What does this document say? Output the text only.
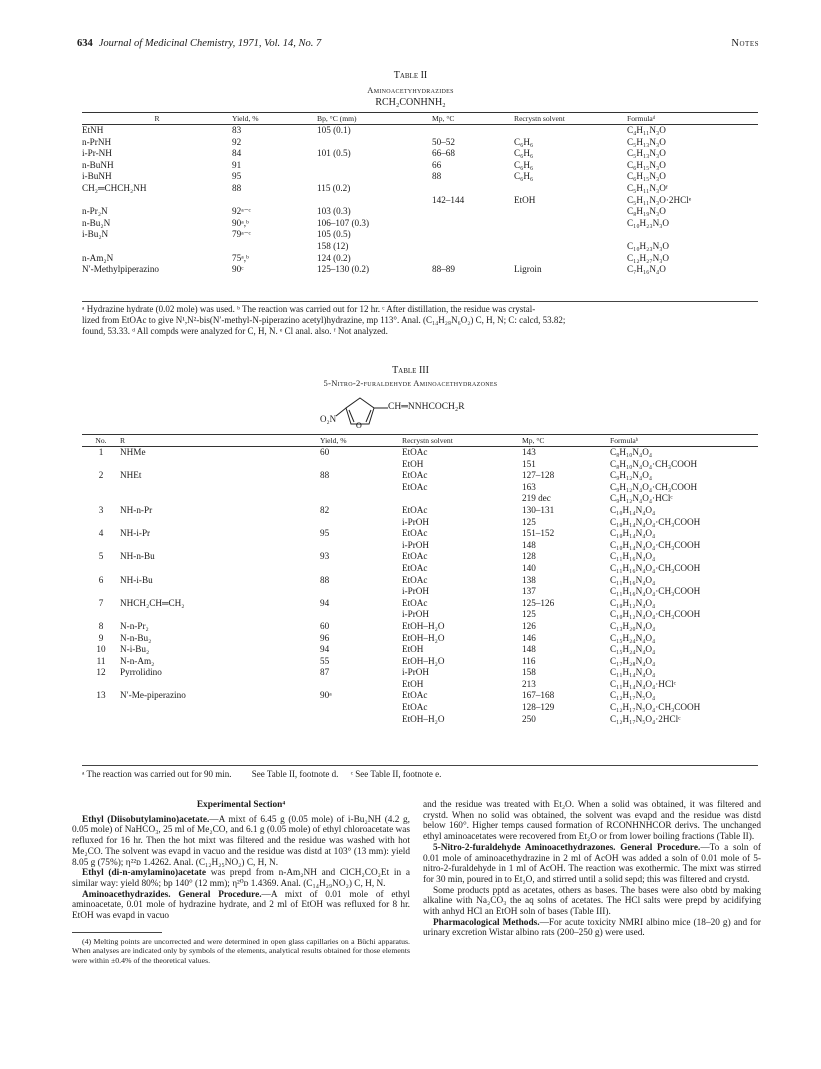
634 Journal of Medicinal Chemistry, 1971, Vol. 14, No. 7	Notes
Table II
Aminoacetyhydrazides
RCH₂CONHNH₂
R	Yield, %	Bp, °C (mm)	Mp, °C	Recrystn solvent	Formulaᵈ
EtNH	83	105 (0.1)			C₄H₁₁N₃O
n-PrNH	92		50–52	C₆H₆	C₅H₁₃N₃O
i-Pr-NH	84	101 (0.5)	66–68	C₆H₆	C₅H₁₃N₃O
n-BuNH	91		66	C₆H₆	C₆H₁₅N₃O
i-BuNH	95		88	C₆H₆	C₆H₁₅N₃O
CH₂═CHCH₂NH	88	115 (0.2)			C₅H₁₁N₃Oᶠ
			142–144	EtOH	C₅H₁₁N₃O·2HClᵉ
n-Pr₂N	92ᵃ⁻ᶜ	103 (0.3)			C₈H₁₉N₃O
n-Bu₂N	90ᵃ,ᵇ	106–107 (0.3)			C₁₀H₂₃N₃O
i-Bu₂N	79ᵃ⁻ᶜ	105 (0.5)			
		158 (12)			C₁₀H₂₃N₃O
n-Am₂N	75ᵃ,ᵇ	124 (0.2)			C₁₂H₂₇N₃O
N′-Methylpiperazino	90ᶜ	125–130 (0.2)	88–89	Ligroin	C₇H₁₆N₄O
ᵃ Hydrazine hydrate (0.02 mole) was used. ᵇ The reaction was carried out for 12 hr. ᶜ After distillation, the residue was crystal-
lized from EtOAc to give N¹,N²-bis(N′-methyl-N-piperazino acetyl)hydrazine, mp 113°. Anal. (C₁₄H₂₈N₆O₂) C, H, N; C: calcd, 53.82;
found, 53.33. ᵈ All compds were analyzed for C, H, N. ᵉ Cl anal. also. ᶠ Not analyzed.
Table III
5-Nitro-2-furaldehyde Aminoacethydrazones
O
O₂N
CH═NNHCOCH₂R
No.	R	Yield, %	Recrystn solvent	Mp, °C	Formulaᵇ
1	NHMe	60	EtOAc	143	C₈H₁₀N₄O₄
			EtOH	151	C₈H₁₀N₄O₄·CH₃COOH
2	NHEt	88	EtOAc	127–128	C₉H₁₂N₄O₄
			EtOAc	163	C₉H₁₂N₄O₄·CH₃COOH
				219 dec	C₉H₁₂N₄O₄·HClᶜ
3	NH-n-Pr	82	EtOAc	130–131	C₁₀H₁₄N₄O₄
			i-PrOH	125	C₁₀H₁₄N₄O₄·CH₃COOH
4	NH-i-Pr	95	EtOAc	151–152	C₁₀H₁₄N₄O₄
			i-PrOH	148	C₁₀H₁₄N₄O₄·CH₃COOH
5	NH-n-Bu	93	EtOAc	128	C₁₁H₁₆N₄O₄
			EtOAc	140	C₁₁H₁₆N₄O₄·CH₃COOH
6	NH-i-Bu	88	EtOAc	138	C₁₁H₁₆N₄O₄
			i-PrOH	137	C₁₁H₁₆N₄O₄·CH₃COOH
7	NHCH₂CH═CH₂	94	EtOAc	125–126	C₁₀H₁₂N₄O₄
			i-PrOH	125	C₁₀H₁₂N₄O₄·CH₃COOH
8	N-n-Pr₂	60	EtOH–H₂O	126	C₁₃H₂₀N₄O₄
9	N-n-Bu₂	96	EtOH–H₂O	146	C₁₅H₂₄N₄O₄
10	N-i-Bu₂	94	EtOH	148	C₁₅H₂₄N₄O₄
11	N-n-Am₂	55	EtOH–H₂O	116	C₁₇H₂₈N₄O₄
12	Pyrrolidino	87	i-PrOH	158	C₁₁H₁₄N₄O₄
			EtOH	213	C₁₁H₁₄N₄O₄·HClᶜ
13	N′-Me-piperazino	90ᵃ	EtOAc	167–168	C₁₂H₁₇N₅O₄
			EtOAc	128–129	C₁₂H₁₇N₅O₄·CH₃COOH
			EtOH–H₂O	250	C₁₂H₁₇N₅O₄·2HClᶜ
ᵃ The reaction was carried out for 90 min. See Table II, footnote d. ᶜ See Table II, footnote e.
Experimental Section⁴

Ethyl (Diisobutylamino)acetate.—A mixt of 6.45 g (0.05 mole) of i-Bu₂NH (4.2 g, 0.05 mole) of NaHCO₃, 25 ml of Me₂CO, and 6.1 g (0.05 mole) of ethyl chloroacetate was refluxed for 16 hr. Then the hot mixt was filtered and the residue was washed with hot Me₂CO. The solvent was evapd in vacuo and the residue was distd at 103° (13 mm): yield 8.05 g (75%); η²²ᴅ 1.4262. Anal. (C₁₂H₂₅NO₂) C, H, N.

Ethyl (di-n-amylamino)acetate was prepd from n-Am₂NH and ClCH₂CO₂Et in a similar way: yield 80%; bp 140° (12 mm); η²⁰ᴅ 1.4369. Anal. (C₁₄H₂₉NO₂) C, H, N.

Aminoacethydrazides. General Procedure.—A mixt of 0.01 mole of ethyl aminoacetate, 0.01 mole of hydrazine hydrate, and 2 ml of EtOH was refluxed for 8 hr. EtOH was evapd in vacuo

(4) Melting points are uncorrected and were determined in open glass capillaries on a Büchi apparatus. When analyses are indicated only by symbols of the elements, analytical results obtained for those elements were within ±0.4% of the theoretical values.

and the residue was treated with Et₂O. When a solid was obtained, it was filtered and crystd. When no solid was obtained, the solvent was evapd and the residue was distd below 160°. Higher temps caused formation of RCONHNHCOR derivs. The unchanged ethyl aminoacetates were recovered from Et₂O or from lower boiling fractions (Table II).

5-Nitro-2-furaldehyde Aminoacethydrazones. General Procedure.—To a soln of 0.01 mole of aminoacethydrazine in 2 ml of AcOH was added a soln of 0.01 mole of 5-nitro-2-furaldehyde in 1 ml of AcOH. The reaction was exothermic. The mixt was stirred for 30 min, poured in to Et₂O, and stirred until a solid sepd; this was filtered and crystd.

Some products pptd as acetates, others as bases. The bases were also obtd by making alkaline with Na₂CO₃ the aq solns of acetates. The HCl salts were prepd by acidifying with anhyd HCl an EtOH soln of bases (Table III).

Pharmacological Methods.—For acute toxicity NMRI albino mice (18–20 g) and for urinary excretion Wistar albino rats (200–250 g) were used.
